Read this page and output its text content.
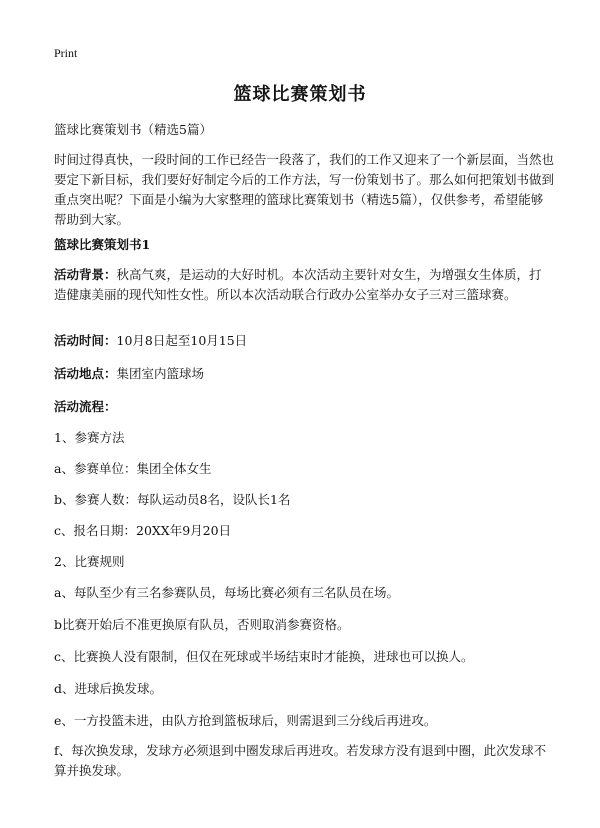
Print
篮球比赛策划书
篮球比赛策划书（精选5篇）
时间过得真快，一段时间的工作已经告一段落了，我们的工作又迎来了一个新层面，当然也要定下新目标，我们要好好制定今后的工作方法，写一份策划书了。那么如何把策划书做到重点突出呢？下面是小编为大家整理的篮球比赛策划书（精选5篇），仅供参考，希望能够帮助到大家。
篮球比赛策划书1
活动背景：秋高气爽，是运动的大好时机。本次活动主要针对女生，为增强女生体质，打造健康美丽的现代知性女性。所以本次活动联合行政办公室举办女子三对三篮球赛。
活动时间：10月8日起至10月15日
活动地点：集团室内篮球场
活动流程：
1、参赛方法
a、参赛单位：集团全体女生
b、参赛人数：每队运动员8名，设队长1名
c、报名日期：20XX年9月20日
2、比赛规则
a、每队至少有三名参赛队员，每场比赛必须有三名队员在场。
b比赛开始后不准更换原有队员，否则取消参赛资格。
c、比赛换人没有限制，但仅在死球或半场结束时才能换，进球也可以换人。
d、进球后换发球。
e、一方投篮未进，由队方抢到篮板球后，则需退到三分线后再进攻。
f、每次换发球，发球方必须退到中圈发球后再进攻。若发球方没有退到中圈，此次发球不算并换发球。
